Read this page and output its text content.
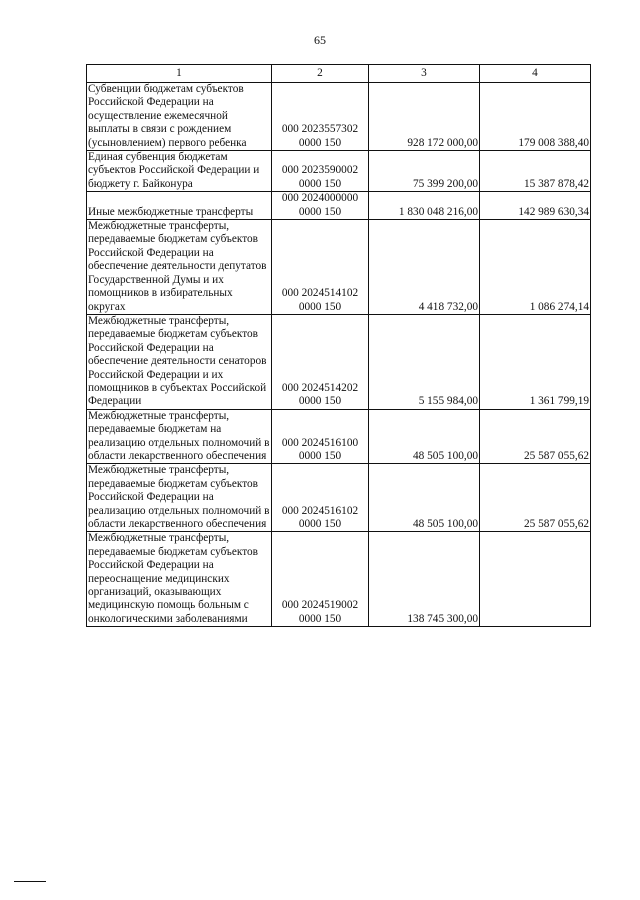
65
1	2	3	4
Субвенции бюджетам субъектов Российской Федерации на осуществление ежемесячной выплаты в связи с рождением (усыновлением) первого ребенка	000 2023557302
0000 150	928 172 000,00	179 008 388,40
Единая субвенция бюджетам субъектов Российской Федерации и бюджету г. Байконура	000 2023590002
0000 150	75 399 200,00	15 387 878,42
Иные межбюджетные трансферты	000 2024000000
0000 150	1 830 048 216,00	142 989 630,34
Межбюджетные трансферты, передаваемые бюджетам субъектов Российской Федерации на обеспечение деятельности депутатов Государственной Думы и их помощников в избирательных округах	000 2024514102
0000 150	4 418 732,00	1 086 274,14
Межбюджетные трансферты, передаваемые бюджетам субъектов Российской Федерации на обеспечение деятельности сенаторов Российской Федерации и их помощников в субъектах Российской Федерации	000 2024514202
0000 150	5 155 984,00	1 361 799,19
Межбюджетные трансферты, передаваемые бюджетам на реализацию отдельных полномочий в области лекарственного обеспечения	000 2024516100
0000 150	48 505 100,00	25 587 055,62
Межбюджетные трансферты, передаваемые бюджетам субъектов Российской Федерации на реализацию отдельных полномочий в области лекарственного обеспечения	000 2024516102
0000 150	48 505 100,00	25 587 055,62
Межбюджетные трансферты, передаваемые бюджетам субъектов Российской Федерации на переоснащение медицинских организаций, оказывающих медицинскую помощь больным с онкологическими заболеваниями	000 2024519002
0000 150	138 745 300,00	
